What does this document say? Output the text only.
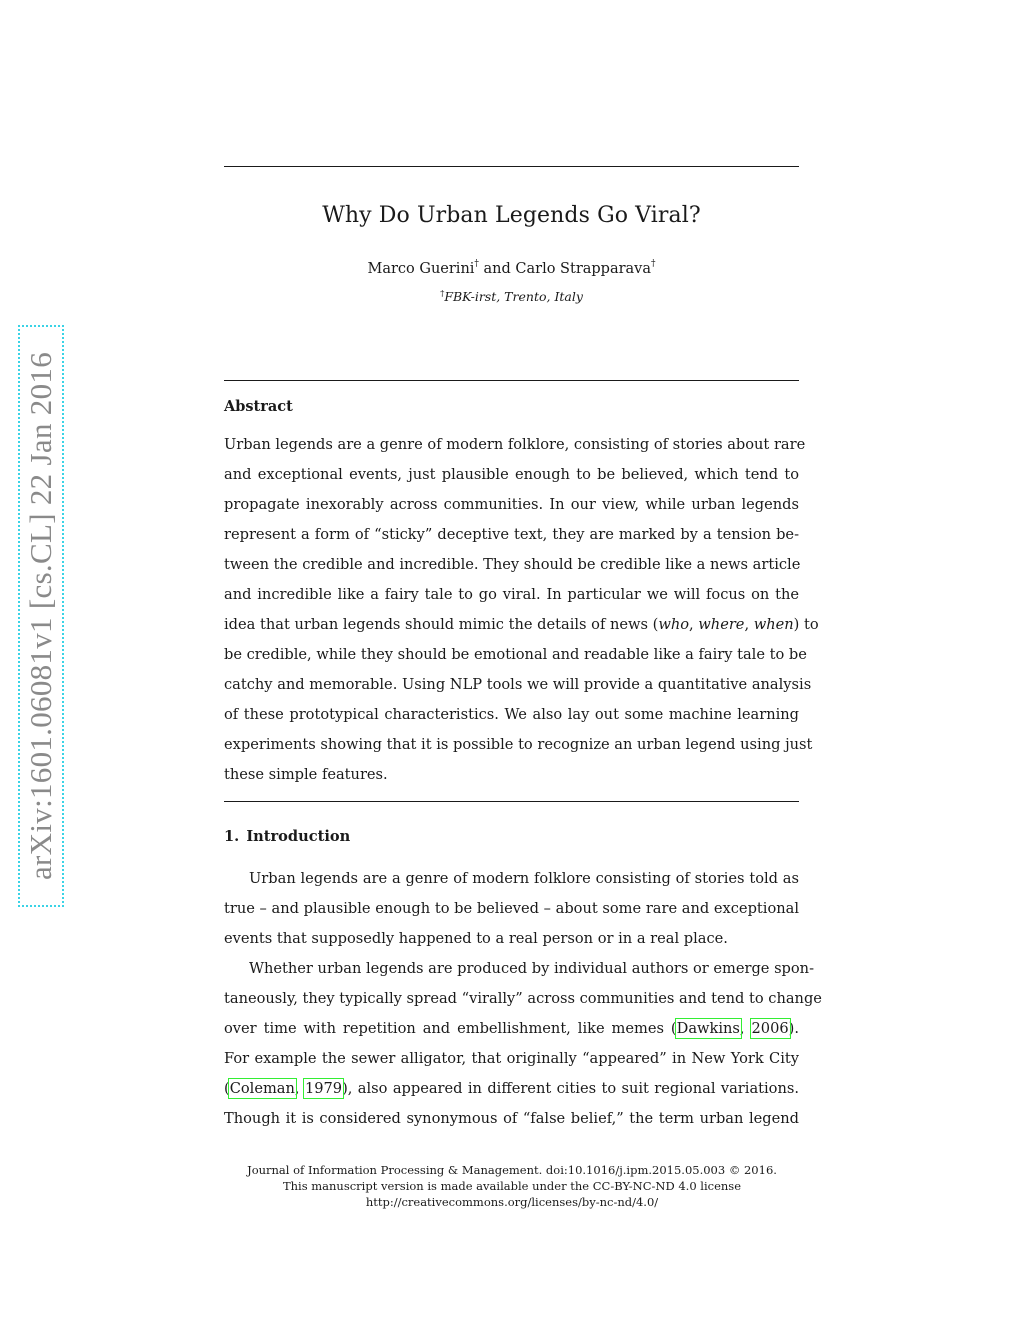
arXiv:1601.06081v1 [cs.CL] 22 Jan 2016
Why Do Urban Legends Go Viral?
Marco Guerini† and Carlo Strapparava†
†FBK-irst, Trento, Italy
Abstract
Urban legends are a genre of modern folklore, consisting of stories about rare
and exceptional events, just plausible enough to be believed, which tend to
propagate inexorably across communities. In our view, while urban legends
represent a form of “sticky” deceptive text, they are marked by a tension be-
tween the credible and incredible. They should be credible like a news article
and incredible like a fairy tale to go viral. In particular we will focus on the
idea that urban legends should mimic the details of news (who, where, when) to
be credible, while they should be emotional and readable like a fairy tale to be
catchy and memorable. Using NLP tools we will provide a quantitative analysis
of these prototypical characteristics. We also lay out some machine learning
experiments showing that it is possible to recognize an urban legend using just
these simple features.
1. Introduction
Urban legends are a genre of modern folklore consisting of stories told as
true – and plausible enough to be believed – about some rare and exceptional
events that supposedly happened to a real person or in a real place.
Whether urban legends are produced by individual authors or emerge spon-
taneously, they typically spread “virally” across communities and tend to change
over time with repetition and embellishment, like memes (Dawkins, 2006).
For example the sewer alligator, that originally “appeared” in New York City
(Coleman, 1979), also appeared in different cities to suit regional variations.
Though it is considered synonymous of “false belief,” the term urban legend
Journal of Information Processing & Management. doi:10.1016/j.ipm.2015.05.003 © 2016.
This manuscript version is made available under the CC-BY-NC-ND 4.0 license
http://creativecommons.org/licenses/by-nc-nd/4.0/
